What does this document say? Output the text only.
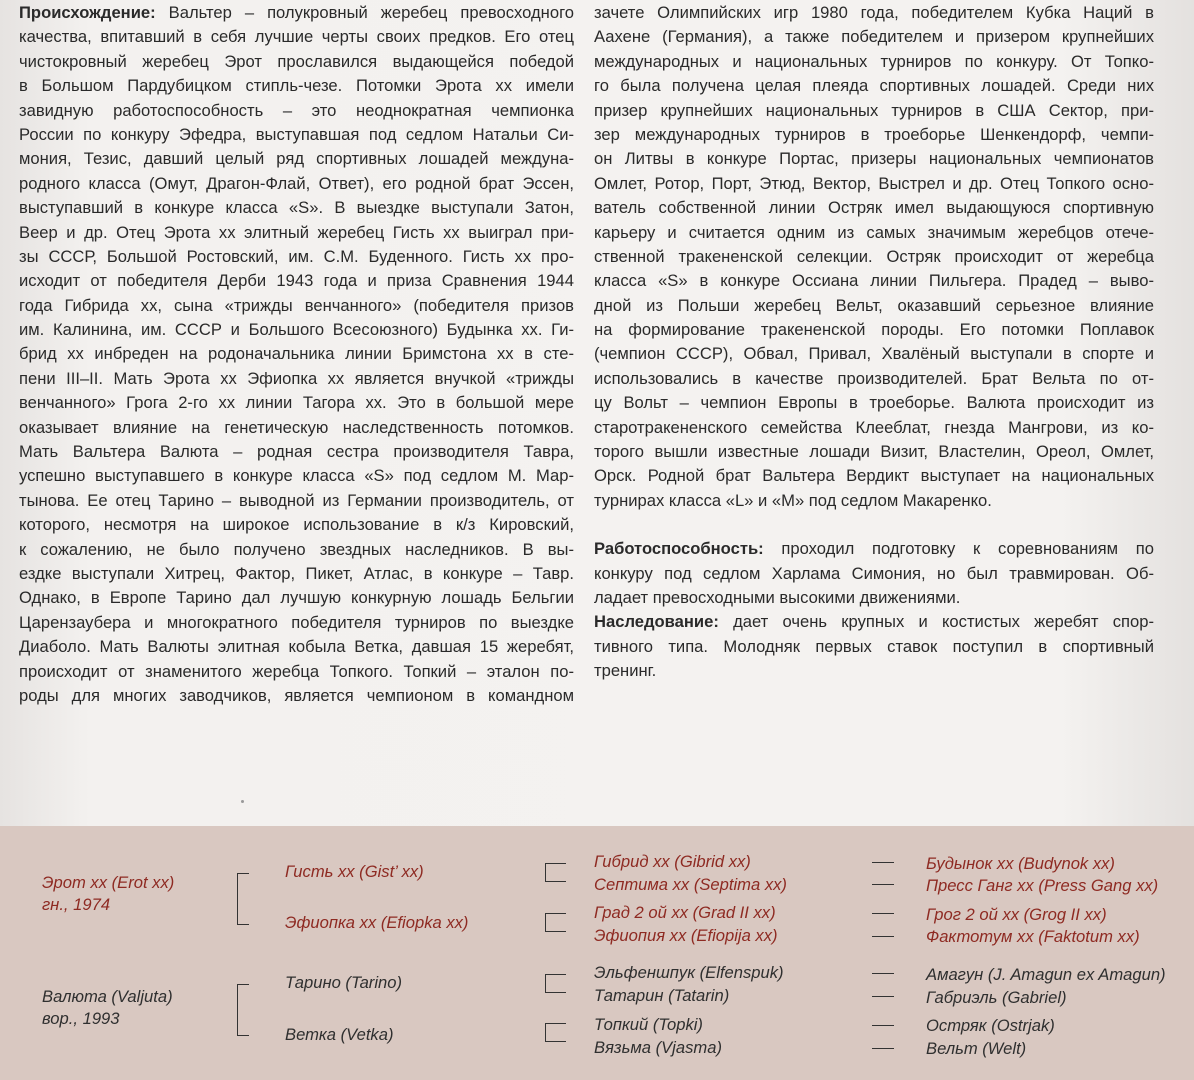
Происхождение: Вальтер – полукровный жеребец превосходного
качества, впитавший в себя лучшие черты своих предков. Его отец
чистокровный жеребец Эрот прославился выдающейся победой
в Большом Пардубицком стипль-чезе. Потомки Эрота хх имели
завидную работоспособность – это неоднократная чемпионка
России по конкуру Эфедра, выступавшая под седлом Натальи Си-
мония, Тезис, давший целый ряд спортивных лошадей междуна-
родного класса (Омут, Драгон-Флай, Ответ), его родной брат Эссен,
выступавший в конкуре класса «S». В выездке выступали Затон,
Веер и др. Отец Эрота хх элитный жеребец Гисть хх выиграл при-
зы СССР, Большой Ростовский, им. С.М. Буденного. Гисть хх про-
исходит от победителя Дерби 1943 года и приза Сравнения 1944
года Гибрида хх, сына «трижды венчанного» (победителя призов
им. Калинина, им. СССР и Большого Всесоюзного) Будынка хх. Ги-
брид хх инбреден на родоначальника линии Бримстона хх в сте-
пени III–II. Мать Эрота хх Эфиопка хх является внучкой «трижды
венчанного» Грога 2-го хх линии Тагора хх. Это в большой мере
оказывает влияние на генетическую наследственность потомков.
Мать Вальтера Валюта – родная сестра производителя Тавра,
успешно выступавшего в конкуре класса «S» под седлом М. Мар-
тынова. Ее отец Тарино – выводной из Германии производитель, от
которого, несмотря на широкое использование в к/з Кировский,
к сожалению, не было получено звездных наследников. В вы-
ездке выступали Хитрец, Фактор, Пикет, Атлас, в конкуре – Тавр.
Однако, в Европе Тарино дал лучшую конкурную лошадь Бельгии
Царензаубера и многократного победителя турниров по выездке
Диаболо. Мать Валюты элитная кобыла Ветка, давшая 15 жеребят,
происходит от знаменитого жеребца Топкого. Топкий – эталон по-
роды для многих заводчиков, является чемпионом в командном
зачете Олимпийских игр 1980 года, победителем Кубка Наций в
Аахене (Германия), а также победителем и призером крупнейших
международных и национальных турниров по конкуру. От Топко-
го была получена целая плеяда спортивных лошадей. Среди них
призер крупнейших национальных турниров в США Сектор, при-
зер международных турниров в троеборье Шенкендорф, чемпи-
он Литвы в конкуре Портас, призеры национальных чемпионатов
Омлет, Ротор, Порт, Этюд, Вектор, Выстрел и др. Отец Топкого осно-
ватель собственной линии Остряк имел выдающуюся спортивную
карьеру и считается одним из самых значимым жеребцов отече-
ственной тракененской селекции. Остряк происходит от жеребца
класса «S» в конкуре Оссиана линии Пильгера. Прадед – выво-
дной из Польши жеребец Вельт, оказавший серьезное влияние
на формирование тракененской породы. Его потомки Поплавок
(чемпион СССР), Обвал, Привал, Хвалёный выступали в спорте и
использовались в качестве производителей. Брат Вельта по от-
цу Вольт – чемпион Европы в троеборье. Валюта происходит из
старотракененского семейства Клееблат, гнезда Мангрови, из ко-
торого вышли известные лошади Визит, Властелин, Ореол, Омлет,
Орск. Родной брат Вальтера Вердикт выступает на национальных
турнирах класса «L» и «M» под седлом Макаренко.
Работоспособность: проходил подготовку к соревнованиям по
конкуру под седлом Харлама Симония, но был травмирован. Об-
ладает превосходными высокими движениями.
Наследование: дает очень крупных и костистых жеребят спор-
тивного типа. Молодняк первых ставок поступил в спортивный
тренинг.
Эрот хх (Erot xx)
гн., 1974
Валюта (Valjuta)
вор., 1993
Гисть хх (Gist’ xx)
Эфиопка хх (Efiopka xx)
Тарино (Tarino)
Ветка (Vetka)
Гибрид хх (Gibrid xx)
Септима хх (Septima xx)
Град 2 ой хх (Grad II xx)
Эфиопия хх (Efiopija xx)
Эльфеншпук (Elfenspuk)
Татарин (Tatarin)
Топкий (Topki)
Вязьма (Vjasma)
Будынок хх (Budynok xx)
Пресс Ганг хх (Press Gang xx)
Грог 2 ой хх (Grog II xx)
Фактотум хх (Faktotum xx)
Амагун (J. Amagun ex Amagun)
Габриэль (Gabriel)
Остряк (Ostrjak)
Вельт (Welt)
